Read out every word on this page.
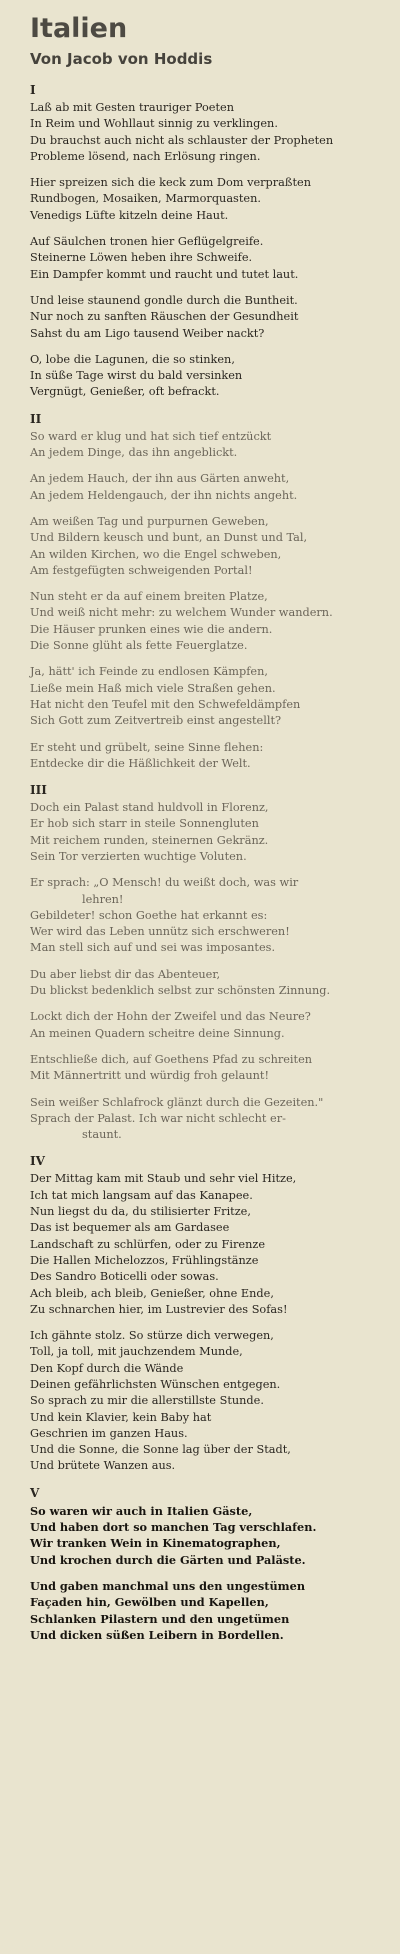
Italien
Von Jacob von Hoddis
I
Laß ab mit Gesten trauriger Poeten
In Reim und Wohllaut sinnig zu verklingen.
Du brauchst auch nicht als schlauster der Propheten
Probleme lösend, nach Erlösung ringen.
Hier spreizen sich die keck zum Dom verpraßten
Rundbogen, Mosaiken, Marmorquasten.
Venedigs Lüfte kitzeln deine Haut.
Auf Säulchen tronen hier Geflügelgreife.
Steinerne Löwen heben ihre Schweife.
Ein Dampfer kommt und raucht und tutet laut.
Und leise staunend gondle durch die Buntheit.
Nur noch zu sanften Räuschen der Gesundheit
Sahst du am Ligo tausend Weiber nackt?
O, lobe die Lagunen, die so stinken,
In süße Tage wirst du bald versinken
Vergnügt, Genießer, oft befrackt.
II
So ward er klug und hat sich tief entzückt
An jedem Dinge, das ihn angeblickt.
An jedem Hauch, der ihn aus Gärten anweht,
An jedem Heldengauch, der ihn nichts angeht.
Am weißen Tag und purpurnen Geweben,
Und Bildern keusch und bunt, an Dunst und Tal,
An wilden Kirchen, wo die Engel schweben,
Am festgefügten schweigenden Portal!
Nun steht er da auf einem breiten Platze,
Und weiß nicht mehr: zu welchem Wunder wandern.
Die Häuser prunken eines wie die andern.
Die Sonne glüht als fette Feuerglatze.
Ja, hätt' ich Feinde zu endlosen Kämpfen,
Ließe mein Haß mich viele Straßen gehen.
Hat nicht den Teufel mit den Schwefeldämpfen
Sich Gott zum Zeitvertreib einst angestellt?
Er steht und grübelt, seine Sinne flehen:
Entdecke dir die Häßlichkeit der Welt.
III
Doch ein Palast stand huldvoll in Florenz,
Er hob sich starr in steile Sonnengluten
Mit reichem runden, steinernen Gekränz.
Sein Tor verzierten wuchtige Voluten.
Er sprach: „O Mensch! du weißt doch, was wir
lehren!
Gebildeter! schon Goethe hat erkannt es:
Wer wird das Leben unnütz sich erschweren!
Man stell sich auf und sei was imposantes.
Du aber liebst dir das Abenteuer,
Du blickst bedenklich selbst zur schönsten Zinnung.
Lockt dich der Hohn der Zweifel und das Neure?
An meinen Quadern scheitre deine Sinnung.
Entschließe dich, auf Goethens Pfad zu schreiten
Mit Männertritt und würdig froh gelaunt!
Sein weißer Schlafrock glänzt durch die Gezeiten."
Sprach der Palast. Ich war nicht schlecht er-
staunt.
IV
Der Mittag kam mit Staub und sehr viel Hitze,
Ich tat mich langsam auf das Kanapee.
Nun liegst du da, du stilisierter Fritze,
Das ist bequemer als am Gardasee
Landschaft zu schlürfen, oder zu Firenze
Die Hallen Michelozzos, Frühlingstänze
Des Sandro Boticelli oder sowas.
Ach bleib, ach bleib, Genießer, ohne Ende,
Zu schnarchen hier, im Lustrevier des Sofas!
Ich gähnte stolz. So stürze dich verwegen,
Toll, ja toll, mit jauchzendem Munde,
Den Kopf durch die Wände
Deinen gefährlichsten Wünschen entgegen.
So sprach zu mir die allerstillste Stunde.
Und kein Klavier, kein Baby hat
Geschrien im ganzen Haus.
Und die Sonne, die Sonne lag über der Stadt,
Und brütete Wanzen aus.
V
So waren wir auch in Italien Gäste,
Und haben dort so manchen Tag verschlafen.
Wir tranken Wein in Kinematographen,
Und krochen durch die Gärten und Paläste.
Und gaben manchmal uns den ungestümen
Façaden hin, Gewölben und Kapellen,
Schlanken Pilastern und den ungetümen
Und dicken süßen Leibern in Bordellen.
